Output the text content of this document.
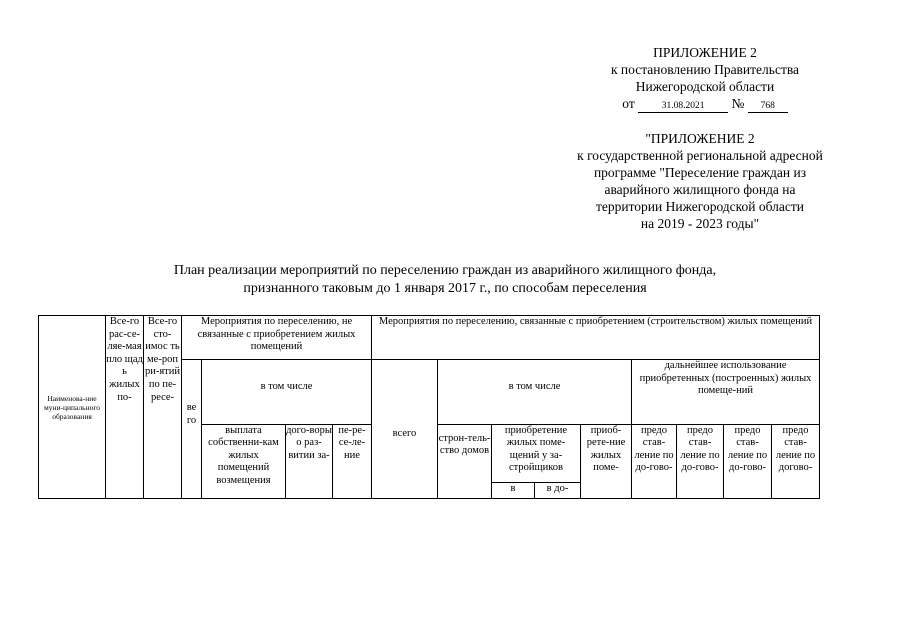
ПРИЛОЖЕНИЕ 2
к постановлению Правительства
Нижегородской области
от	31.08.2021 № 768
"ПРИЛОЖЕНИЕ 2
к государственной региональной адресной
программе "Переселение граждан из
аварийного жилищного фонда на
территории Нижегородской области
на 2019 - 2023 годы"
План реализации мероприятий по переселению граждан из аварийного жилищного фонда,
признанного таковым до 1 января 2017 г., по способам переселения
Наименова-ние муни-ципального образования	Все-го рас-се-ляе-мая пло щад ь жилых по-	Все-го сто-имос ть ме-роп ри-ятий по пе-ресе-	Мероприятия по переселению, не связанные с приобретением жилых помещений				Мероприятия по переселению, связанные с приобретением (строительством) жилых помещений								
			ве го	в том числе			всего	в том числе				дальнейшее использование приобретенных (построенных) жилых помеще-ний			
				выплата собственни-кам жилых помещений возмещения	дого-воры о раз-витии за-	пе-ре-се-ле-ние		строн-тель-ство домов	приобретение жилых поме-щений у за-стройщиков		приоб-рете-ние жилых поме-	предо став-ление по до-гово-	предо став-ление по до-гово-	предо став-ление по до-гово-	предо став-ление по догово-
									в	в до-					
